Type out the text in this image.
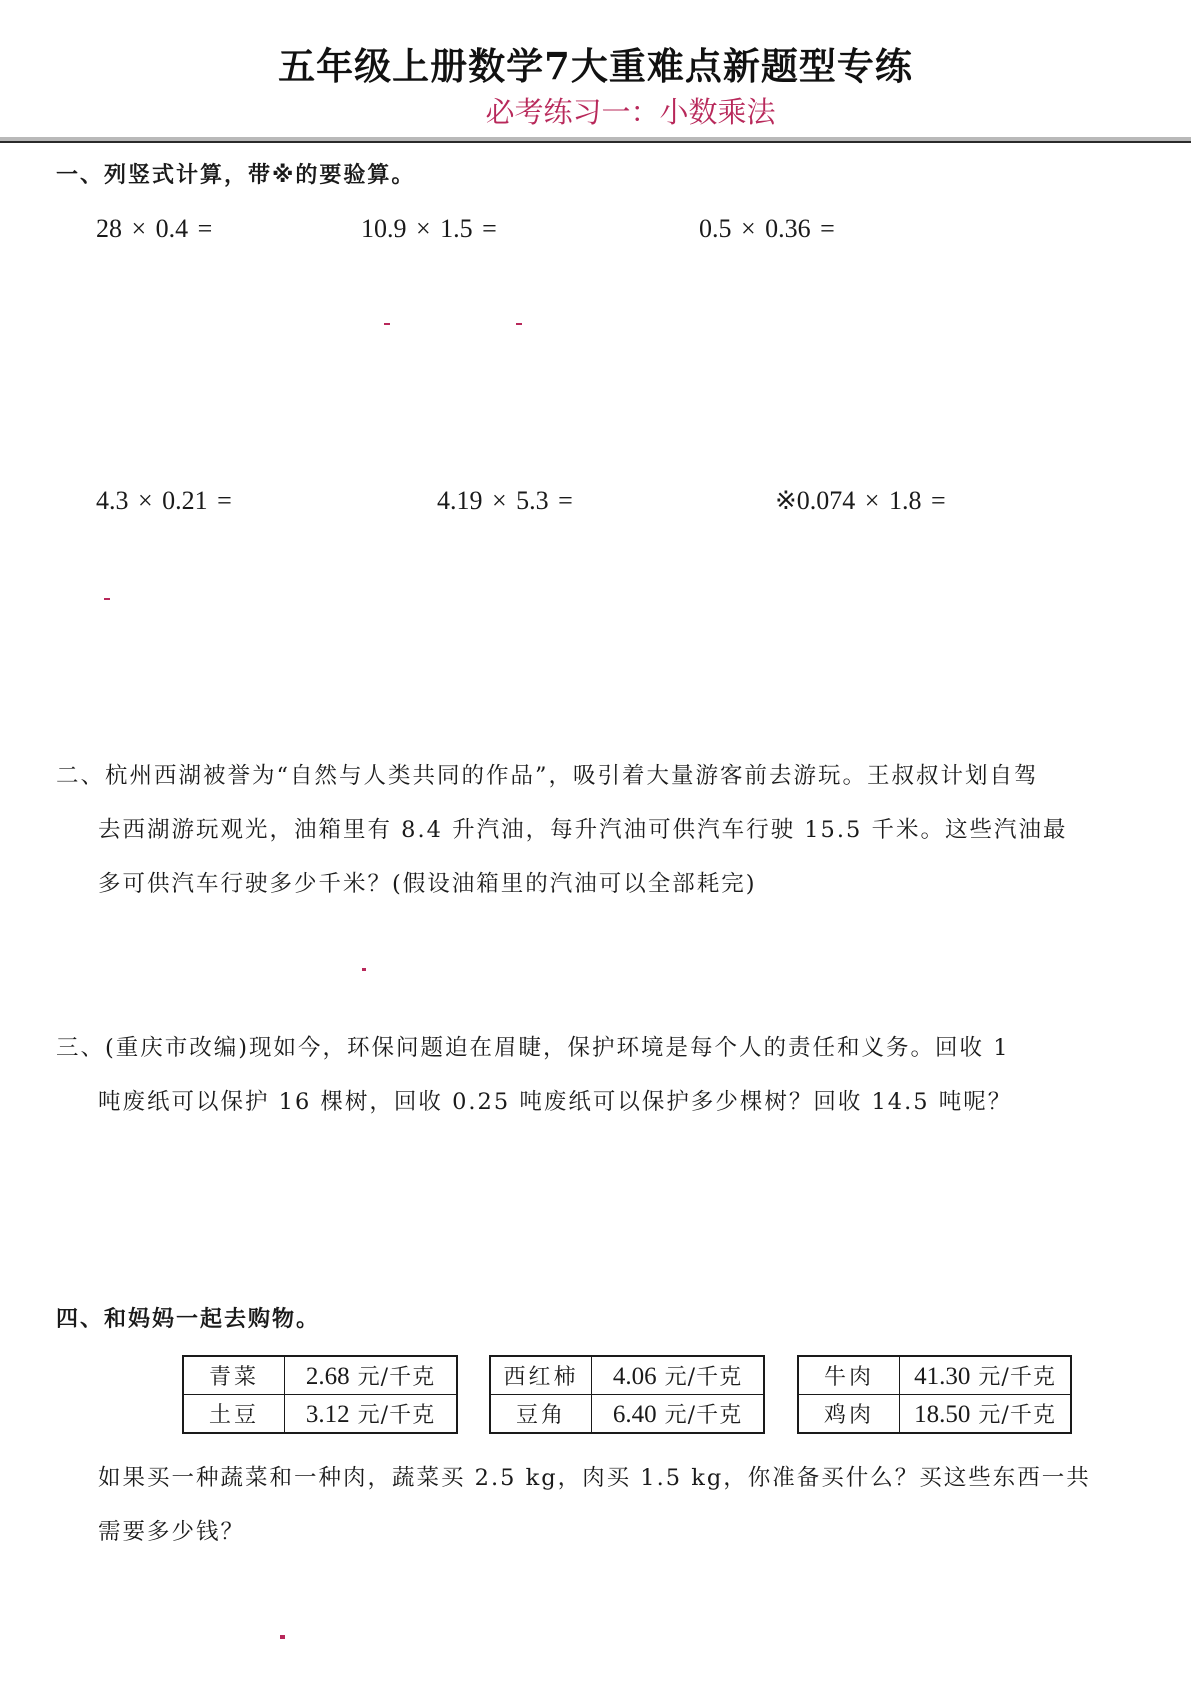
五年级上册数学7大重难点新题型专练
必考练习一：小数乘法
一、列竖式计算，带※的要验算。
28 × 0.4 =	10.9 × 1.5 =	0.5 × 0.36 =
4.3 × 0.21 =	4.19 × 5.3 =	※0.074 × 1.8 =
二、杭州西湖被誉为“自然与人类共同的作品”，吸引着大量游客前去游玩。王叔叔计划自驾
去西湖游玩观光，油箱里有 8.4 升汽油，每升汽油可供汽车行驶 15.5 千米。这些汽油最
多可供汽车行驶多少千米？(假设油箱里的汽油可以全部耗完)
三、(重庆市改编)现如今，环保问题迫在眉睫，保护环境是每个人的责任和义务。回收 1
吨废纸可以保护 16 棵树，回收 0.25 吨废纸可以保护多少棵树？回收 14.5 吨呢？
四、和妈妈一起去购物。
青菜	2.68 元/千克
土豆	3.12 元/千克
西红柿	4.06 元/千克
豆角	6.40 元/千克
牛肉	41.30 元/千克
鸡肉	18.50 元/千克
如果买一种蔬菜和一种肉，蔬菜买 2.5 kg，肉买 1.5 kg，你准备买什么？买这些东西一共
需要多少钱？
